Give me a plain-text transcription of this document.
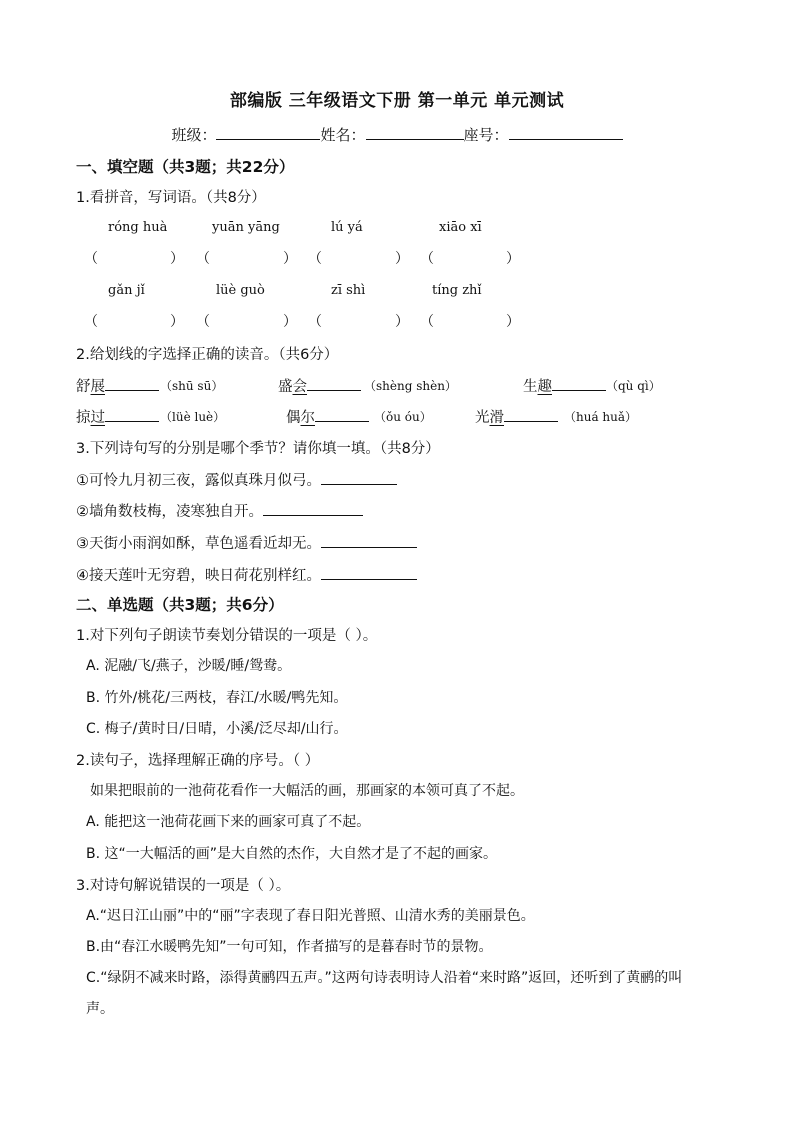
部编版 三年级语文下册 第一单元 单元测试
班级：	姓名：	座号：
一、填空题（共3题；共22分）
1.看拼音，写词语。（共8分）
róng huà	yuān yāng	lú yá	xiāo xī
（	） （	） （	） （	）
gǎn jǐ	lüè guò	zī shì	tíng zhǐ
（	） （	） （	） （	）
2.给划线的字选择正确的读音。（共6分）
舒展	（shū sū）	盛会	（shèng shèn）	生趣	（qù qì）
掠过	（lüè luè）	偶尔	（ǒu óu）	光滑	（huá huǎ）
3.下列诗句写的分别是哪个季节？请你填一填。（共8分）
①可怜九月初三夜，露似真珠月似弓。
②墙角数枝梅，凌寒独自开。
③天街小雨润如酥，草色遥看近却无。
④接天莲叶无穷碧，映日荷花别样红。
二、单选题（共3题；共6分）
1.对下列句子朗读节奏划分错误的一项是（ ）。
A. 泥融/飞/燕子，沙暖/睡/鸳鸯。
B. 竹外/桃花/三两枝，春江/水暖/鸭先知。
C. 梅子/黄时日/日晴，小溪/泛尽却/山行。
2.读句子，选择理解正确的序号。（ ）
如果把眼前的一池荷花看作一大幅活的画，那画家的本领可真了不起。
A. 能把这一池荷花画下来的画家可真了不起。
B. 这“一大幅活的画”是大自然的杰作，大自然才是了不起的画家。
3.对诗句解说错误的一项是（ ）。
A.“迟日江山丽”中的“丽”字表现了春日阳光普照、山清水秀的美丽景色。
B.由“春江水暖鸭先知”一句可知，作者描写的是暮春时节的景物。
C.“绿阴不减来时路，添得黄鹂四五声。”这两句诗表明诗人沿着“来时路”返回，还听到了黄鹂的叫
声。
